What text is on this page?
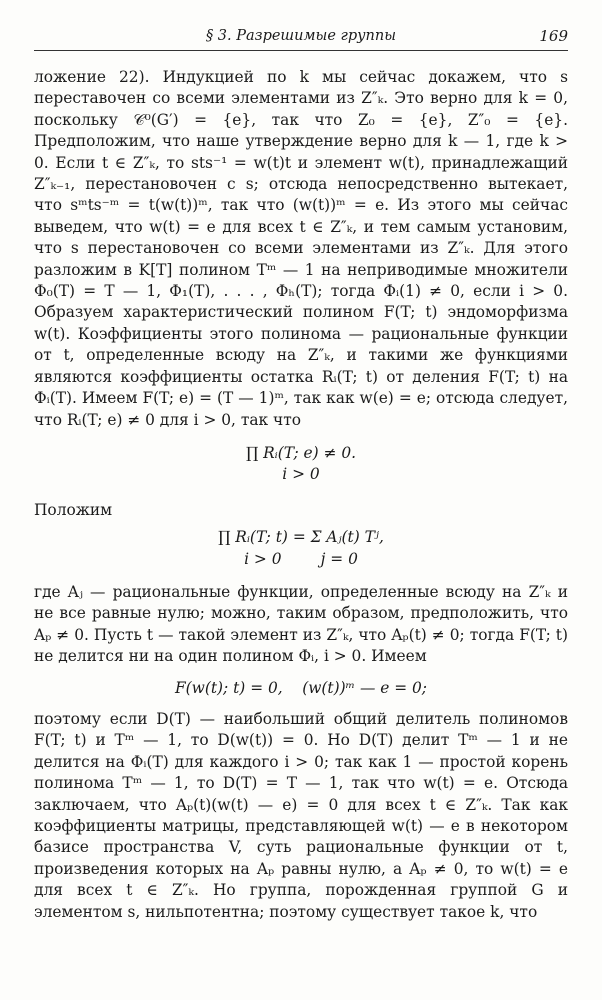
§ 3. Разрешимые группы	169

ложение 22). Индукцией по k мы сейчас докажем, что s переставочен со всеми элементами из Z″ₖ. Это верно для k = 0, поскольку 𝒞⁰(G′) = {e}, так что Z₀ = {e}, Z″₀ = {e}. Предположим, что наше утверждение верно для k — 1, где k > 0. Если t ∈ Z″ₖ, то sts⁻¹ = w(t)t и элемент w(t), принадлежащий Z″ₖ₋₁, перестановочен с s; отсюда непосредственно вытекает, что sᵐts⁻ᵐ = t(w(t))ᵐ, так что (w(t))ᵐ = e. Из этого мы сейчас выведем, что w(t) = e для всех t ∈ Z″ₖ, и тем самым установим, что s перестановочен со всеми элементами из Z″ₖ. Для этого разложим в K[T] полином Tᵐ — 1 на неприводимые множители Φ₀(T) = T — 1, Φ₁(T), . . . , Φₕ(T); тогда Φᵢ(1) ≠ 0, если i > 0. Образуем характеристический полином F(T; t) эндоморфизма w(t). Коэффициенты этого полинома — рациональные функции от t, определенные всюду на Z″ₖ, и такими же функциями являются коэффициенты остатка Rᵢ(T; t) от деления F(T; t) на Φᵢ(T). Имеем F(T; e) = (T — 1)ᵐ, так как w(e) = e; отсюда следует, что Rᵢ(T; e) ≠ 0 для i > 0, так что

∏ Rᵢ(T; e) ≠ 0.
i > 0

Положим

∏ Rᵢ(T; t) = Σ Aⱼ(t) Tʲ,
i > 0        j = 0

где Aⱼ — рациональные функции, определенные всюду на Z″ₖ и не все равные нулю; можно, таким образом, предположить, что Aₚ ≠ 0. Пусть t — такой элемент из Z″ₖ, что Aₚ(t) ≠ 0; тогда F(T; t) не делится ни на один полином Φᵢ, i > 0. Имеем

F(w(t); t) = 0,    (w(t))ᵐ — e = 0;

поэтому если D(T) — наибольший общий делитель полиномов F(T; t) и Tᵐ — 1, то D(w(t)) = 0. Но D(T) делит Tᵐ — 1 и не делится на Φᵢ(T) для каждого i > 0; так как 1 — простой корень полинома Tᵐ — 1, то D(T) = T — 1, так что w(t) = e. Отсюда заключаем, что Aₚ(t)(w(t) — e) = 0 для всех t ∈ Z″ₖ. Так как коэффициенты матрицы, представляющей w(t) — e в некотором базисе пространства V, суть рациональные функции от t, произведения которых на Aₚ равны нулю, а Aₚ ≠ 0, то w(t) = e для всех t ∈ Z″ₖ. Но группа, порожденная группой G и элементом s, нильпотентна; поэтому существует такое k, что
